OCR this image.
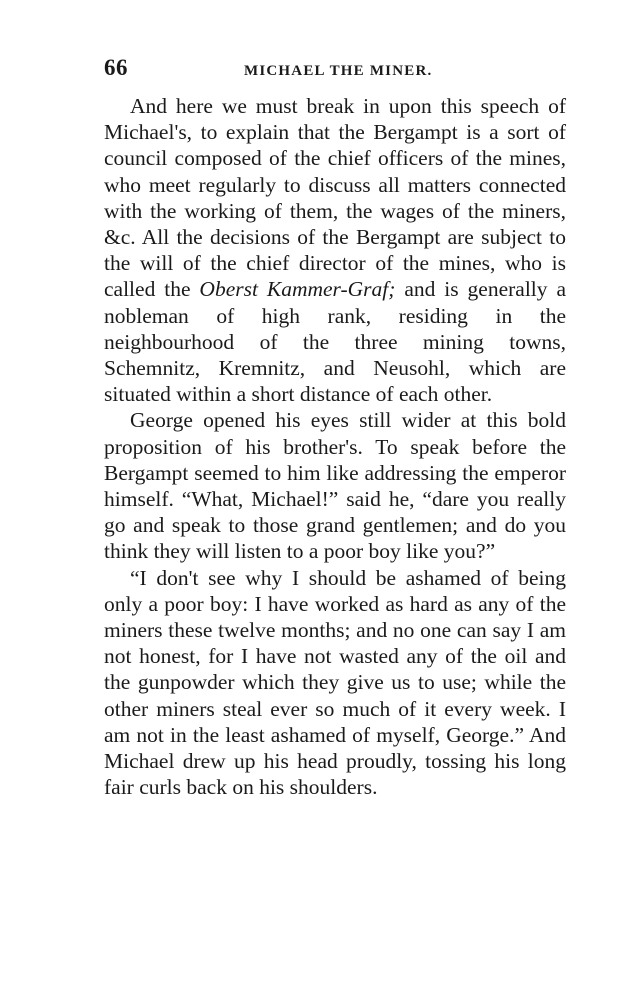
66	MICHAEL THE MINER.

And here we must break in upon this speech of Michael's, to explain that the Bergampt is a sort of council composed of the chief officers of the mines, who meet regularly to discuss all matters connected with the working of them, the wages of the miners, &c. All the decisions of the Bergampt are subject to the will of the chief director of the mines, who is called the Oberst Kammer-Graf; and is generally a nobleman of high rank, residing in the neighbourhood of the three mining towns, Schemnitz, Kremnitz, and Neusohl, which are situated within a short distance of each other.

George opened his eyes still wider at this bold proposition of his brother's. To speak before the Bergampt seemed to him like addressing the emperor himself. “What, Michael!” said he, “dare you really go and speak to those grand gentlemen; and do you think they will listen to a poor boy like you?”

“I don't see why I should be ashamed of being only a poor boy: I have worked as hard as any of the miners these twelve months; and no one can say I am not honest, for I have not wasted any of the oil and the gunpowder which they give us to use; while the other miners steal ever so much of it every week. I am not in the least ashamed of myself, George.” And Michael drew up his head proudly, tossing his long fair curls back on his shoulders.
